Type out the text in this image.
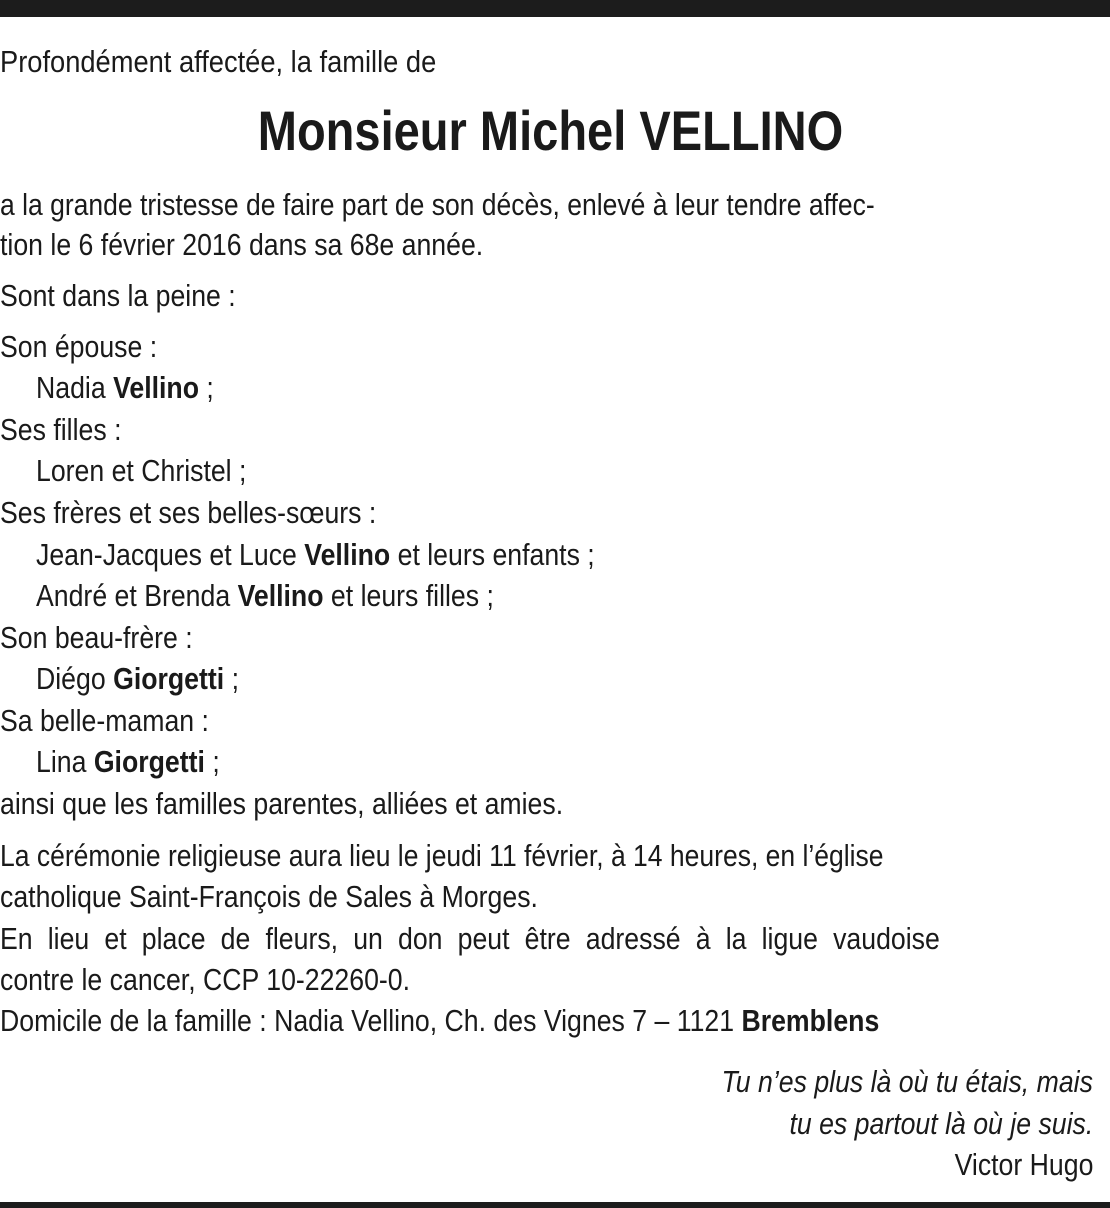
Profondément affectée, la famille de
Monsieur Michel VELLINO
a la grande tristesse de faire part de son décès, enlevé à leur tendre affec-
tion le 6 février 2016 dans sa 68e année.
Sont dans la peine :
Son épouse :
Nadia Vellino ;
Ses filles :
Loren et Christel ;
Ses frères et ses belles-sœurs :
Jean-Jacques et Luce Vellino et leurs enfants ;
André et Brenda Vellino et leurs filles ;
Son beau-frère :
Diégo Giorgetti ;
Sa belle-maman :
Lina Giorgetti ;
ainsi que les familles parentes, alliées et amies.
La cérémonie religieuse aura lieu le jeudi 11 février, à 14 heures, en l’église
catholique Saint-François de Sales à Morges.
En lieu et place de fleurs, un don peut être adressé à la ligue vaudoise
contre le cancer, CCP 10-22260-0.
Domicile de la famille : Nadia Vellino, Ch. des Vignes 7 – 1121 Bremblens
Tu n’es plus là où tu étais, mais
tu es partout là où je suis.
Victor Hugo
